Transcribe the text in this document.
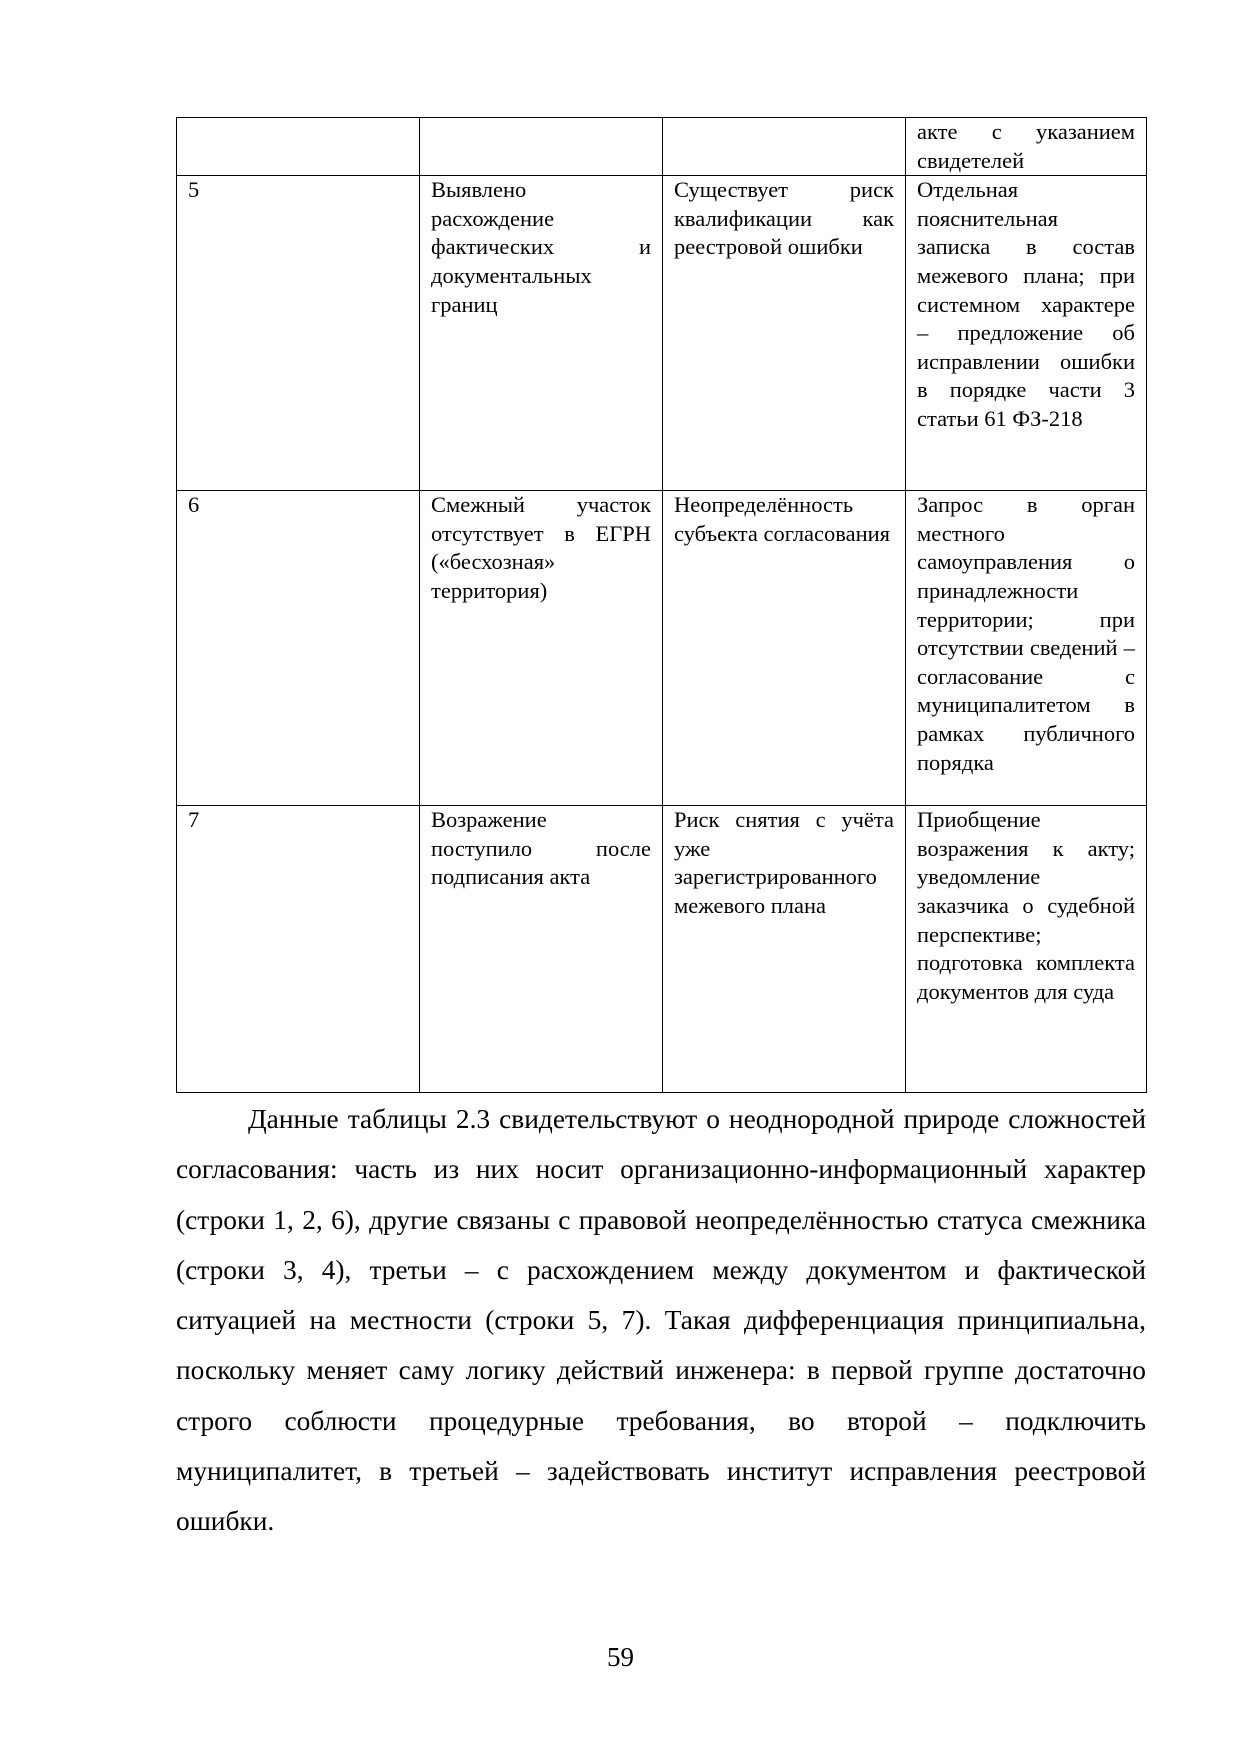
			акте с указанием свидетелей
5	Выявлено расхождение фактических и документальных границ	Существует риск квалификации как реестровой ошибки	Отдельная пояснительная записка в состав межевого плана; при системном характере – предложение об исправлении ошибки в порядке части 3 статьи 61 ФЗ-218
6	Смежный участок отсутствует в ЕГРН («бесхозная» территория)	Неопределённость субъекта согласования	Запрос в орган местного самоуправления о принадлежности территории; при отсутствии сведений – согласование с муниципалитетом в рамках публичного порядка
7	Возражение поступило после подписания акта	Риск снятия с учёта уже зарегистрированного межевого плана	Приобщение возражения к акту; уведомление заказчика о судебной перспективе; подготовка комплекта документов для суда

Данные таблицы 2.3 свидетельствуют о неоднородной природе сложностей согласования: часть из них носит организационно-информационный характер (строки 1, 2, 6), другие связаны с правовой неопределённостью статуса смежника (строки 3, 4), третьи – с расхождением между документом и фактической ситуацией на местности (строки 5, 7). Такая дифференциация принципиальна, поскольку меняет саму логику действий инженера: в первой группе достаточно строго соблюсти процедурные требования, во второй – подключить муниципалитет, в третьей – задействовать институт исправления реестровой ошибки.

59
